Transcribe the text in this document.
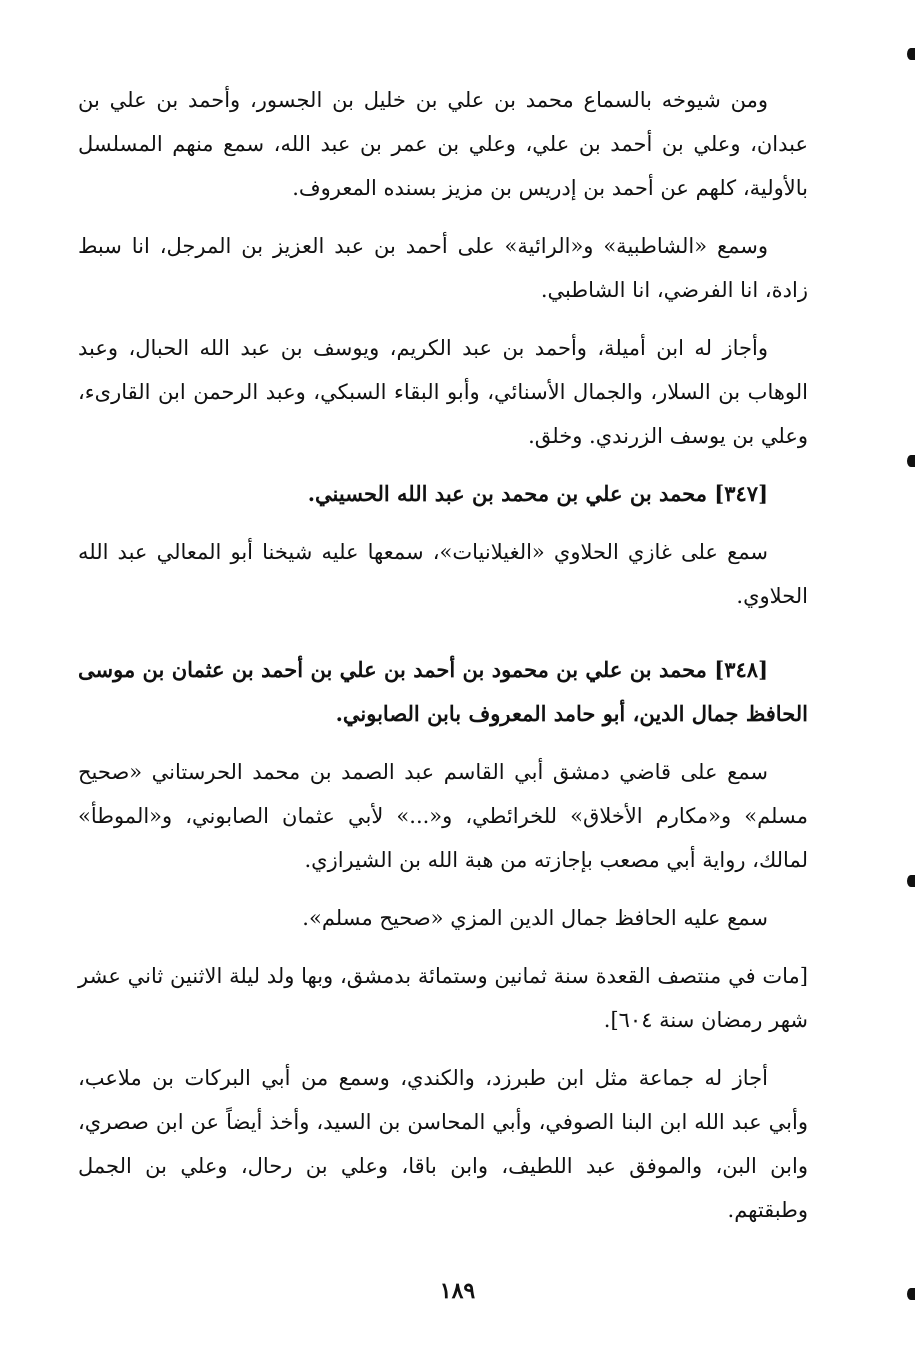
ومن شيوخه بالسماع محمد بن علي بن خليل بن الجسور، وأحمد بن علي بن عبدان، وعلي بن أحمد بن علي، وعلي بن عمر بن عبد الله، سمع منهم المسلسل بالأولية، كلهم عن أحمد بن إدريس بن مزيز بسنده المعروف.

وسمع «الشاطبية» و«الرائية» على أحمد بن عبد العزيز بن المرجل، انا سبط زادة، انا الفرضي، انا الشاطبي.

وأجاز له ابن أميلة، وأحمد بن عبد الكريم، ويوسف بن عبد الله الحبال، وعبد الوهاب بن السلار، والجمال الأسنائي، وأبو البقاء السبكي، وعبد الرحمن ابن القارىء، وعلي بن يوسف الزرندي. وخلق.

[٣٤٧] محمد بن علي بن محمد بن عبد الله الحسيني.

سمع على غازي الحلاوي «الغيلانيات»، سمعها عليه شيخنا أبو المعالي عبد الله الحلاوي.

[٣٤٨] محمد بن علي بن محمود بن أحمد بن علي بن أحمد بن عثمان بن موسى الحافظ جمال الدين، أبو حامد المعروف بابن الصابوني.

سمع على قاضي دمشق أبي القاسم عبد الصمد بن محمد الحرستاني «صحيح مسلم» و«مكارم الأخلاق» للخرائطي، و«...» لأبي عثمان الصابوني، و«الموطأ» لمالك، رواية أبي مصعب بإجازته من هبة الله بن الشيرازي.

سمع عليه الحافظ جمال الدين المزي «صحيح مسلم».

[مات في منتصف القعدة سنة ثمانين وستمائة بدمشق، وبها ولد ليلة الاثنين ثاني عشر شهر رمضان سنة ٦٠٤].

أجاز له جماعة مثل ابن طبرزد، والكندي، وسمع من أبي البركات بن ملاعب، وأبي عبد الله ابن البنا الصوفي، وأبي المحاسن بن السيد، وأخذ أيضاً عن ابن صصري، وابن البن، والموفق عبد اللطيف، وابن باقا، وعلي بن رحال، وعلي بن الجمل وطبقتهم.

١٨٩
